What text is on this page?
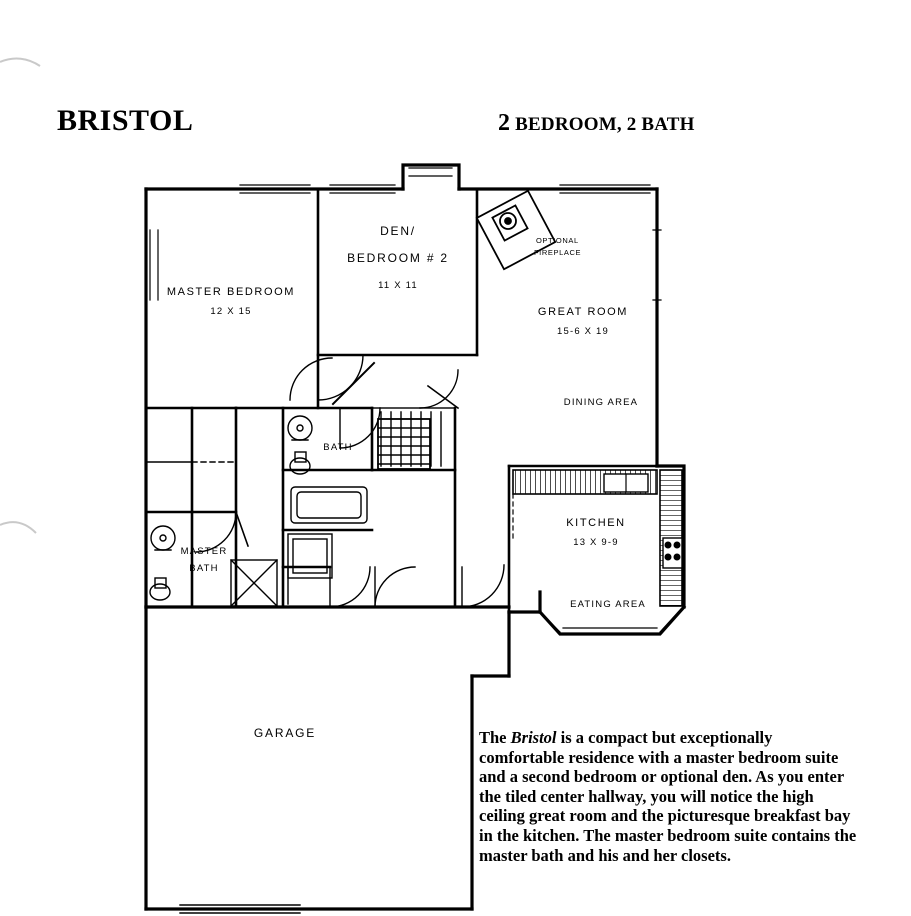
BRISTOL	2 BEDROOM, 2 BATH
MASTER BEDROOM
12 X 15
DEN/
BEDROOM # 2
11 X 11
GREAT ROOM
15-6 X 19
DINING AREA
KITCHEN
13 X 9-9
EATING AREA
BATH
MASTER
BATH
GARAGE
OPTIONAL
FIREPLACE
The Bristol is a compact but exceptionally comfortable residence with a master bedroom suite and a second bedroom or optional den. As you enter the tiled center hallway, you will notice the high ceiling great room and the picturesque breakfast bay in the kitchen. The master bedroom suite contains the master bath and his and her closets.
